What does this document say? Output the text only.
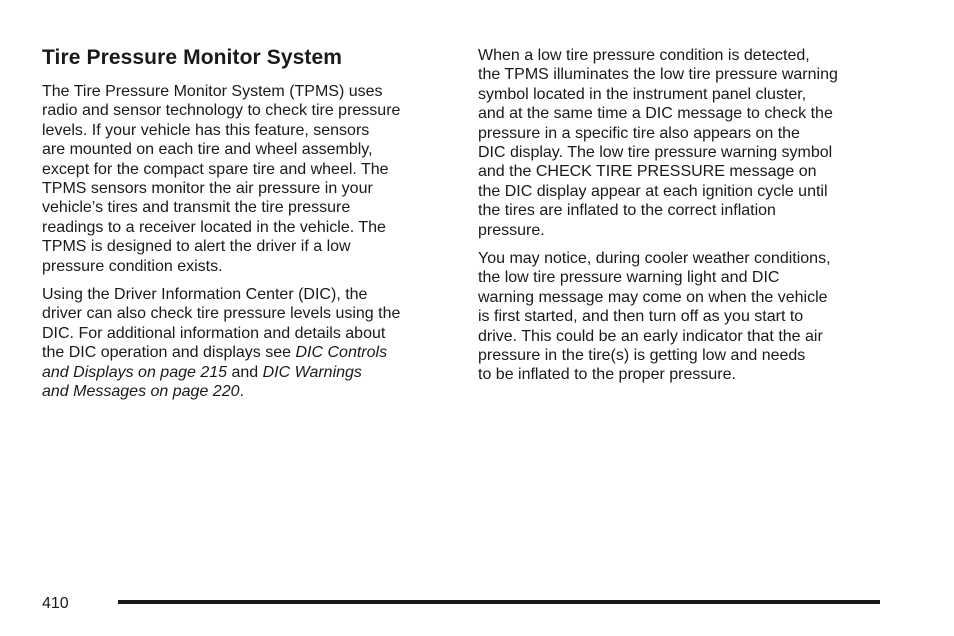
Tire Pressure Monitor System

The Tire Pressure Monitor System (TPMS) uses
radio and sensor technology to check tire pressure
levels. If your vehicle has this feature, sensors
are mounted on each tire and wheel assembly,
except for the compact spare tire and wheel. The
TPMS sensors monitor the air pressure in your
vehicle’s tires and transmit the tire pressure
readings to a receiver located in the vehicle. The
TPMS is designed to alert the driver if a low
pressure condition exists.

Using the Driver Information Center (DIC), the
driver can also check tire pressure levels using the
DIC. For additional information and details about
the DIC operation and displays see DIC Controls
and Displays on page 215 and DIC Warnings
and Messages on page 220.

When a low tire pressure condition is detected,
the TPMS illuminates the low tire pressure warning
symbol located in the instrument panel cluster,
and at the same time a DIC message to check the
pressure in a specific tire also appears on the
DIC display. The low tire pressure warning symbol
and the CHECK TIRE PRESSURE message on
the DIC display appear at each ignition cycle until
the tires are inflated to the correct inflation
pressure.

You may notice, during cooler weather conditions,
the low tire pressure warning light and DIC
warning message may come on when the vehicle
is first started, and then turn off as you start to
drive. This could be an early indicator that the air
pressure in the tire(s) is getting low and needs
to be inflated to the proper pressure.

410
